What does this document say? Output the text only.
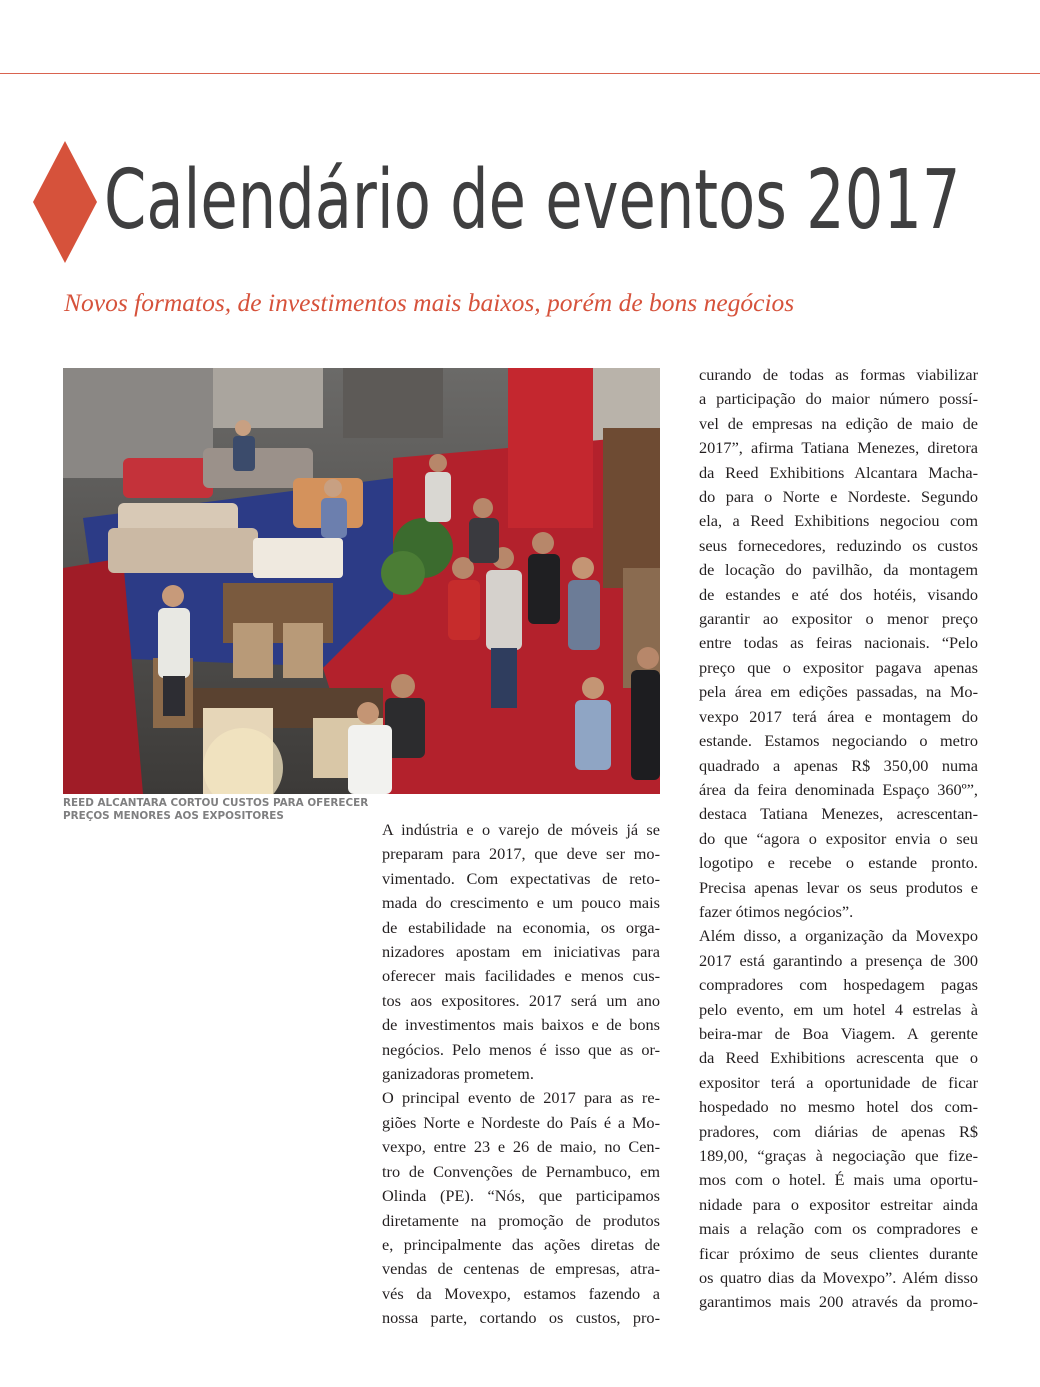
Calendário de eventos 2017
Novos formatos, de investimentos mais baixos, porém de bons negócios

REED ALCANTARA CORTOU CUSTOS PARA OFERECER PREÇOS MENORES AOS EXPOSITORES

A indústria e o varejo de móveis já se
preparam para 2017, que deve ser mo-
vimentado. Com expectativas de reto-
mada do crescimento e um pouco mais
de estabilidade na economia, os orga-
nizadores apostam em iniciativas para
oferecer mais facilidades e menos cus-
tos aos expositores. 2017 será um ano
de investimentos mais baixos e de bons
negócios. Pelo menos é isso que as or-
ganizadoras prometem.
O principal evento de 2017 para as re-
giões Norte e Nordeste do País é a Mo-
vexpo, entre 23 e 26 de maio, no Cen-
tro de Convenções de Pernambuco, em
Olinda (PE). “Nós, que participamos
diretamente na promoção de produtos
e, principalmente das ações diretas de
vendas de centenas de empresas, atra-
vés da Movexpo, estamos fazendo a
nossa parte, cortando os custos, pro-
curando de todas as formas viabilizar
a participação do maior número possí-
vel de empresas na edição de maio de
2017”, afirma Tatiana Menezes, diretora
da Reed Exhibitions Alcantara Macha-
do para o Norte e Nordeste. Segundo
ela, a Reed Exhibitions negociou com
seus fornecedores, reduzindo os custos
de locação do pavilhão, da montagem
de estandes e até dos hotéis, visando
garantir ao expositor o menor preço
entre todas as feiras nacionais. “Pelo
preço que o expositor pagava apenas
pela área em edições passadas, na Mo-
vexpo 2017 terá área e montagem do
estande. Estamos negociando o metro
quadrado a apenas R$ 350,00 numa
área da feira denominada Espaço 360º”,
destaca Tatiana Menezes, acrescentan-
do que “agora o expositor envia o seu
logotipo e recebe o estande pronto.
Precisa apenas levar os seus produtos e
fazer ótimos negócios”.
Além disso, a organização da Movexpo
2017 está garantindo a presença de 300
compradores com hospedagem pagas
pelo evento, em um hotel 4 estrelas à
beira-mar de Boa Viagem. A gerente
da Reed Exhibitions acrescenta que o
expositor terá a oportunidade de ficar
hospedado no mesmo hotel dos com-
pradores, com diárias de apenas R$
189,00, “graças à negociação que fize-
mos com o hotel. É mais uma oportu-
nidade para o expositor estreitar ainda
mais a relação com os compradores e
ficar próximo de seus clientes durante
os quatro dias da Movexpo”. Além disso
garantimos mais 200 através da promo-
